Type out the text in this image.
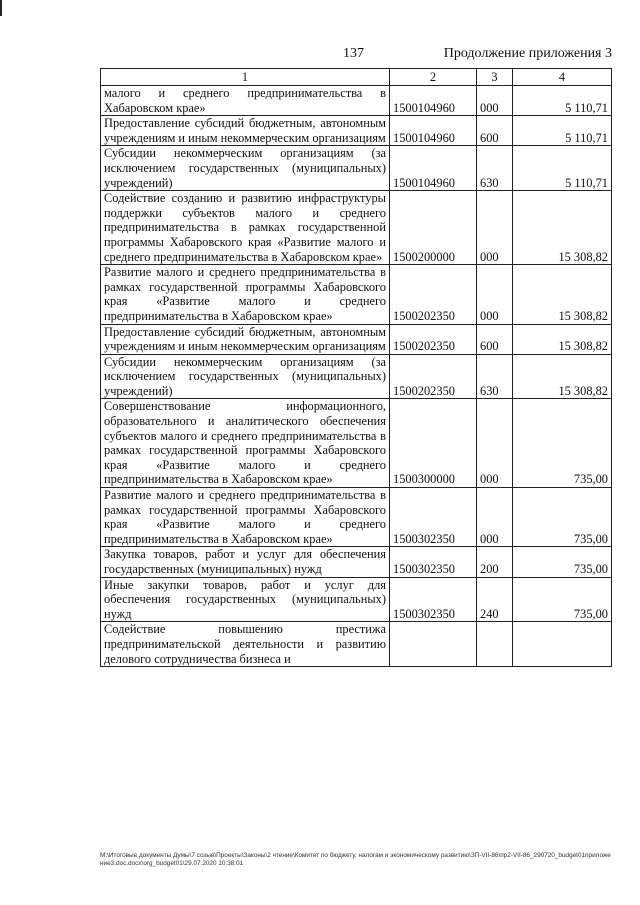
137	Продолжение приложения 3
1	2	3	4
малого и среднего предпринимательства в Хабаровском крае»	1500104960	000	5 110,71
Предоставление субсидий бюджетным, автономным учреждениям и иным некоммерческим организациям	1500104960	600	5 110,71
Субсидии некоммерческим организациям (за исключением государственных (муниципальных) учреждений)	1500104960	630	5 110,71
Содействие созданию и развитию инфраструктуры поддержки субъектов малого и среднего предпринимательства в рамках государственной программы Хабаровского края «Развитие малого и среднего предпринимательства в Хабаровском крае»	1500200000	000	15 308,82
Развитие малого и среднего предпринимательства в рамках государственной программы Хабаровского края «Развитие малого и среднего предпринимательства в Хабаровском крае»	1500202350	000	15 308,82
Предоставление субсидий бюджетным, автономным учреждениям и иным некоммерческим организациям	1500202350	600	15 308,82
Субсидии некоммерческим организациям (за исключением государственных (муниципальных) учреждений)	1500202350	630	15 308,82
Совершенствование информационного, образовательного и аналитического обеспечения субъектов малого и среднего предпринимательства в рамках государственной программы Хабаровского края «Развитие малого и среднего предпринимательства в Хабаровском крае»	1500300000	000	735,00
Развитие малого и среднего предпринимательства в рамках государственной программы Хабаровского края «Развитие малого и среднего предпринимательства в Хабаровском крае»	1500302350	000	735,00
Закупка товаров, работ и услуг для обеспечения государственных (муниципальных) нужд	1500302350	200	735,00
Иные закупки товаров, работ и услуг для обеспечения государственных (муниципальных) нужд	1500302350	240	735,00
Содействие повышению престижа предпринимательской деятельности и развитию делового сотрудничества бизнеса и			
M:\Итоговые документы Думы\7 созыв\Проекты\Законы\2 чтение\Комитет по бюджету, налогам и экономическому развитию\ЗП-VII-86\пр2-VII-86_290720_budget01приложение3.doc.docx\org_budget01\29.07.2020 10:38:01
